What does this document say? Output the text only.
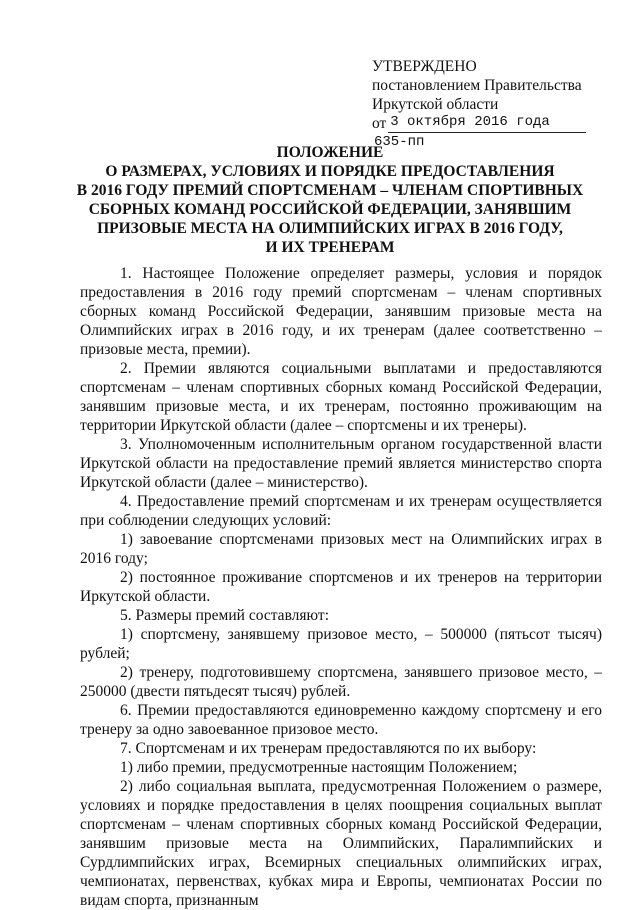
УТВЕРЖДЕНО
постановлением Правительства
Иркутской области
от 3 октября 2016 года
635-пп
ПОЛОЖЕНИЕ
О РАЗМЕРАХ, УСЛОВИЯХ И ПОРЯДКЕ ПРЕДОСТАВЛЕНИЯ
В 2016 ГОДУ ПРЕМИЙ СПОРТСМЕНАМ – ЧЛЕНАМ СПОРТИВНЫХ
СБОРНЫХ КОМАНД РОССИЙСКОЙ ФЕДЕРАЦИИ, ЗАНЯВШИМ
ПРИЗОВЫЕ МЕСТА НА ОЛИМПИЙСКИХ ИГРАХ В 2016 ГОДУ,
И ИХ ТРЕНЕРАМ

1. Настоящее Положение определяет размеры, условия и порядок предоставления в 2016 году премий спортсменам – членам спортивных сборных команд Российской Федерации, занявшим призовые места на Олимпийских играх в 2016 году, и их тренерам (далее соответственно – призовые места, премии).

2. Премии являются социальными выплатами и предоставляются спортсменам – членам спортивных сборных команд Российской Федерации, занявшим призовые места, и их тренерам, постоянно проживающим на территории Иркутской области (далее – спортсмены и их тренеры).

3. Уполномоченным исполнительным органом государственной власти Иркутской области на предоставление премий является министерство спорта Иркутской области (далее – министерство).

4. Предоставление премий спортсменам и их тренерам осуществляется при соблюдении следующих условий:

1) завоевание спортсменами призовых мест на Олимпийских играх в 2016 году;

2) постоянное проживание спортсменов и их тренеров на территории Иркутской области.

5. Размеры премий составляют:

1) спортсмену, занявшему призовое место, – 500000 (пятьсот тысяч) рублей;

2) тренеру, подготовившему спортсмена, занявшего призовое место, – 250000 (двести пятьдесят тысяч) рублей.

6. Премии предоставляются единовременно каждому спортсмену и его тренеру за одно завоеванное призовое место.

7. Спортсменам и их тренерам предоставляются по их выбору:

1) либо премии, предусмотренные настоящим Положением;

2) либо социальная выплата, предусмотренная Положением о размере, условиях и порядке предоставления в целях поощрения социальных выплат спортсменам – членам спортивных сборных команд Российской Федерации, занявшим призовые места на Олимпийских, Паралимпийских и Сурдлимпийских играх, Всемирных специальных олимпийских играх, чемпионатах, первенствах, кубках мира и Европы, чемпионатах России по видам спорта, признанным
